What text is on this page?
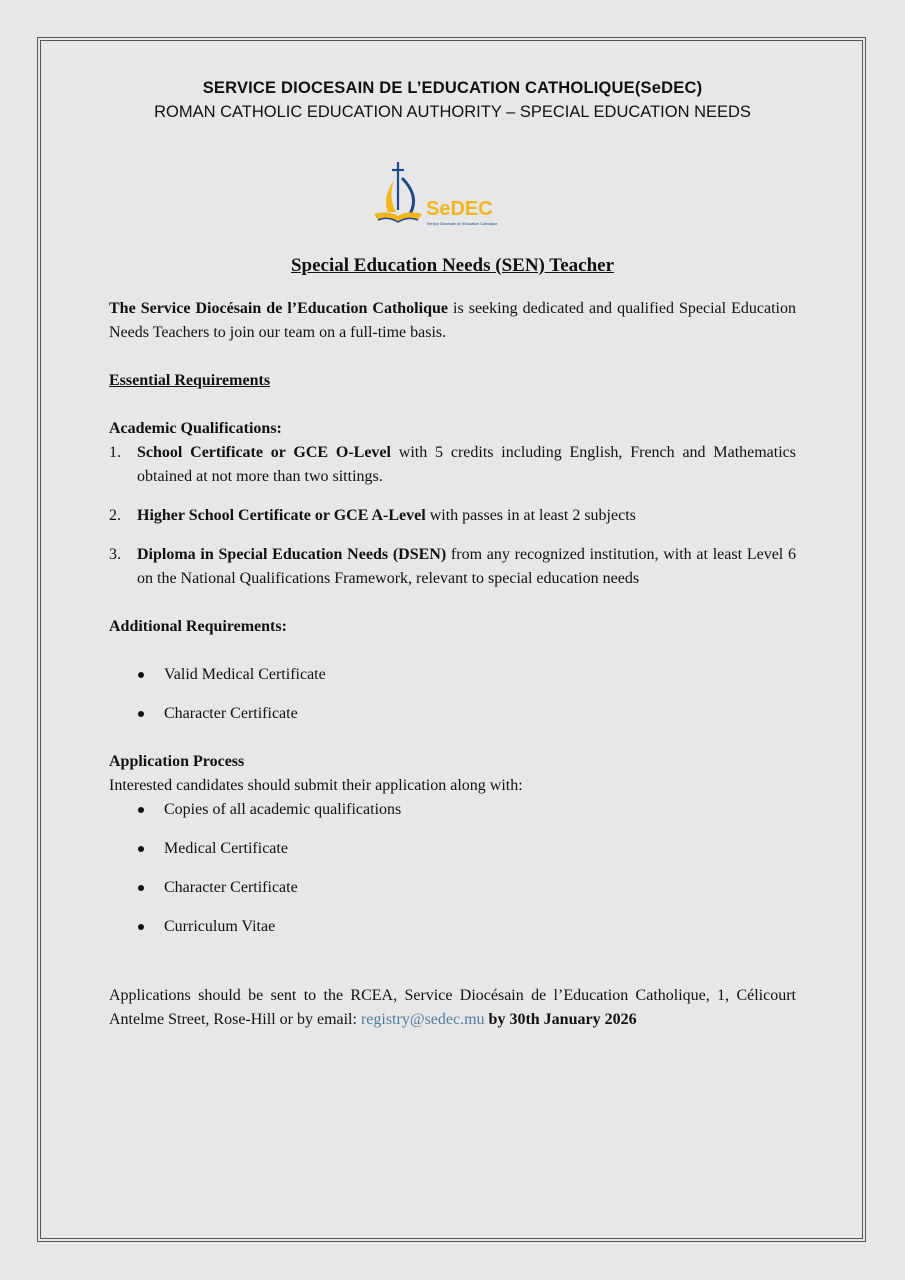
SERVICE DIOCESAIN DE L’EDUCATION CATHOLIQUE(SeDEC)
ROMAN CATHOLIC EDUCATION AUTHORITY – SPECIAL EDUCATION NEEDS
SeDEC
Service Diocésain de l'Education Catholique
Special Education Needs (SEN) Teacher

The Service Diocésain de l’Education Catholique is seeking dedicated and qualified Special Education Needs Teachers to join our team on a full-time basis.

Essential Requirements

Academic Qualifications:

1. School Certificate or GCE O-Level with 5 credits including English, French and Mathematics obtained at not more than two sittings.
2. Higher School Certificate or GCE A-Level with passes in at least 2 subjects
3. Diploma in Special Education Needs (DSEN) from any recognized institution, with at least Level 6 on the National Qualifications Framework, relevant to special education needs

Additional Requirements:

Valid Medical Certificate
Character Certificate

Application Process

Interested candidates should submit their application along with:

Copies of all academic qualifications
Medical Certificate
Character Certificate
Curriculum Vitae

Applications should be sent to the RCEA, Service Diocésain de l’Education Catholique, 1, Célicourt Antelme Street, Rose-Hill or by email: registry@sedec.mu by 30th January 2026
